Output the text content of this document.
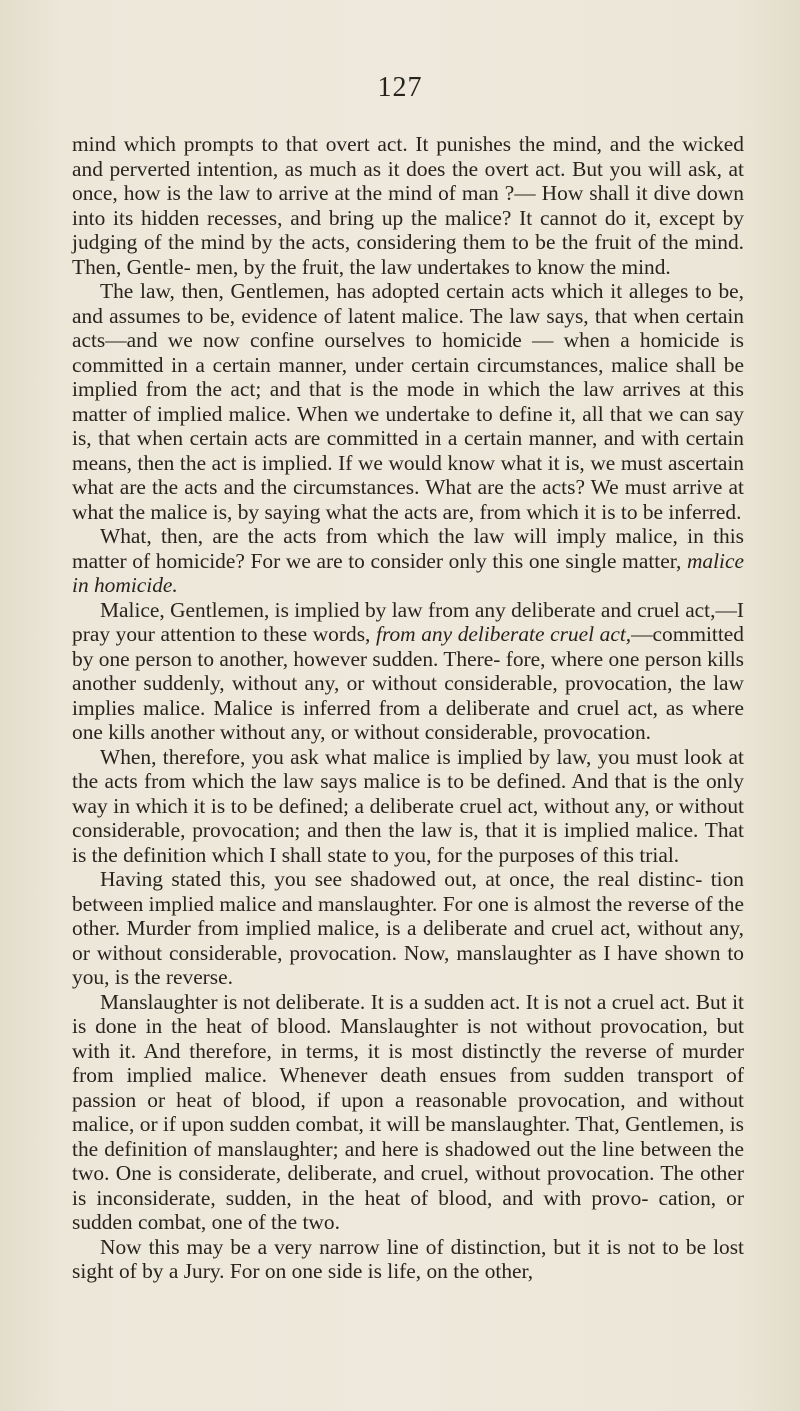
127

mind which prompts to that overt act. It punishes the mind, and the wicked and perverted intention, as much as it does the overt act. But you will ask, at once, how is the law to arrive at the mind of man ?— How shall it dive down into its hidden recesses, and bring up the malice? It cannot do it, except by judging of the mind by the acts, considering them to be the fruit of the mind. Then, Gentle- men, by the fruit, the law undertakes to know the mind.

The law, then, Gentlemen, has adopted certain acts which it alleges to be, and assumes to be, evidence of latent malice. The law says, that when certain acts—and we now confine ourselves to homicide — when a homicide is committed in a certain manner, under certain circumstances, malice shall be implied from the act; and that is the mode in which the law arrives at this matter of implied malice. When we undertake to define it, all that we can say is, that when certain acts are committed in a certain manner, and with certain means, then the act is implied. If we would know what it is, we must ascertain what are the acts and the circumstances. What are the acts? We must arrive at what the malice is, by saying what the acts are, from which it is to be inferred.

What, then, are the acts from which the law will imply malice, in this matter of homicide? For we are to consider only this one single matter, malice in homicide.

Malice, Gentlemen, is implied by law from any deliberate and cruel act,—I pray your attention to these words, from any deliberate cruel act,—committed by one person to another, however sudden. There- fore, where one person kills another suddenly, without any, or without considerable, provocation, the law implies malice. Malice is inferred from a deliberate and cruel act, as where one kills another without any, or without considerable, provocation.

When, therefore, you ask what malice is implied by law, you must look at the acts from which the law says malice is to be defined. And that is the only way in which it is to be defined; a deliberate cruel act, without any, or without considerable, provocation; and then the law is, that it is implied malice. That is the definition which I shall state to you, for the purposes of this trial.

Having stated this, you see shadowed out, at once, the real distinc- tion between implied malice and manslaughter. For one is almost the reverse of the other. Murder from implied malice, is a deliberate and cruel act, without any, or without considerable, provocation. Now, manslaughter as I have shown to you, is the reverse.

Manslaughter is not deliberate. It is a sudden act. It is not a cruel act. But it is done in the heat of blood. Manslaughter is not without provocation, but with it. And therefore, in terms, it is most distinctly the reverse of murder from implied malice. Whenever death ensues from sudden transport of passion or heat of blood, if upon a reasonable provocation, and without malice, or if upon sudden combat, it will be manslaughter. That, Gentlemen, is the definition of manslaughter; and here is shadowed out the line between the two. One is considerate, deliberate, and cruel, without provocation. The other is inconsiderate, sudden, in the heat of blood, and with provo- cation, or sudden combat, one of the two.

Now this may be a very narrow line of distinction, but it is not to be lost sight of by a Jury. For on one side is life, on the other,
